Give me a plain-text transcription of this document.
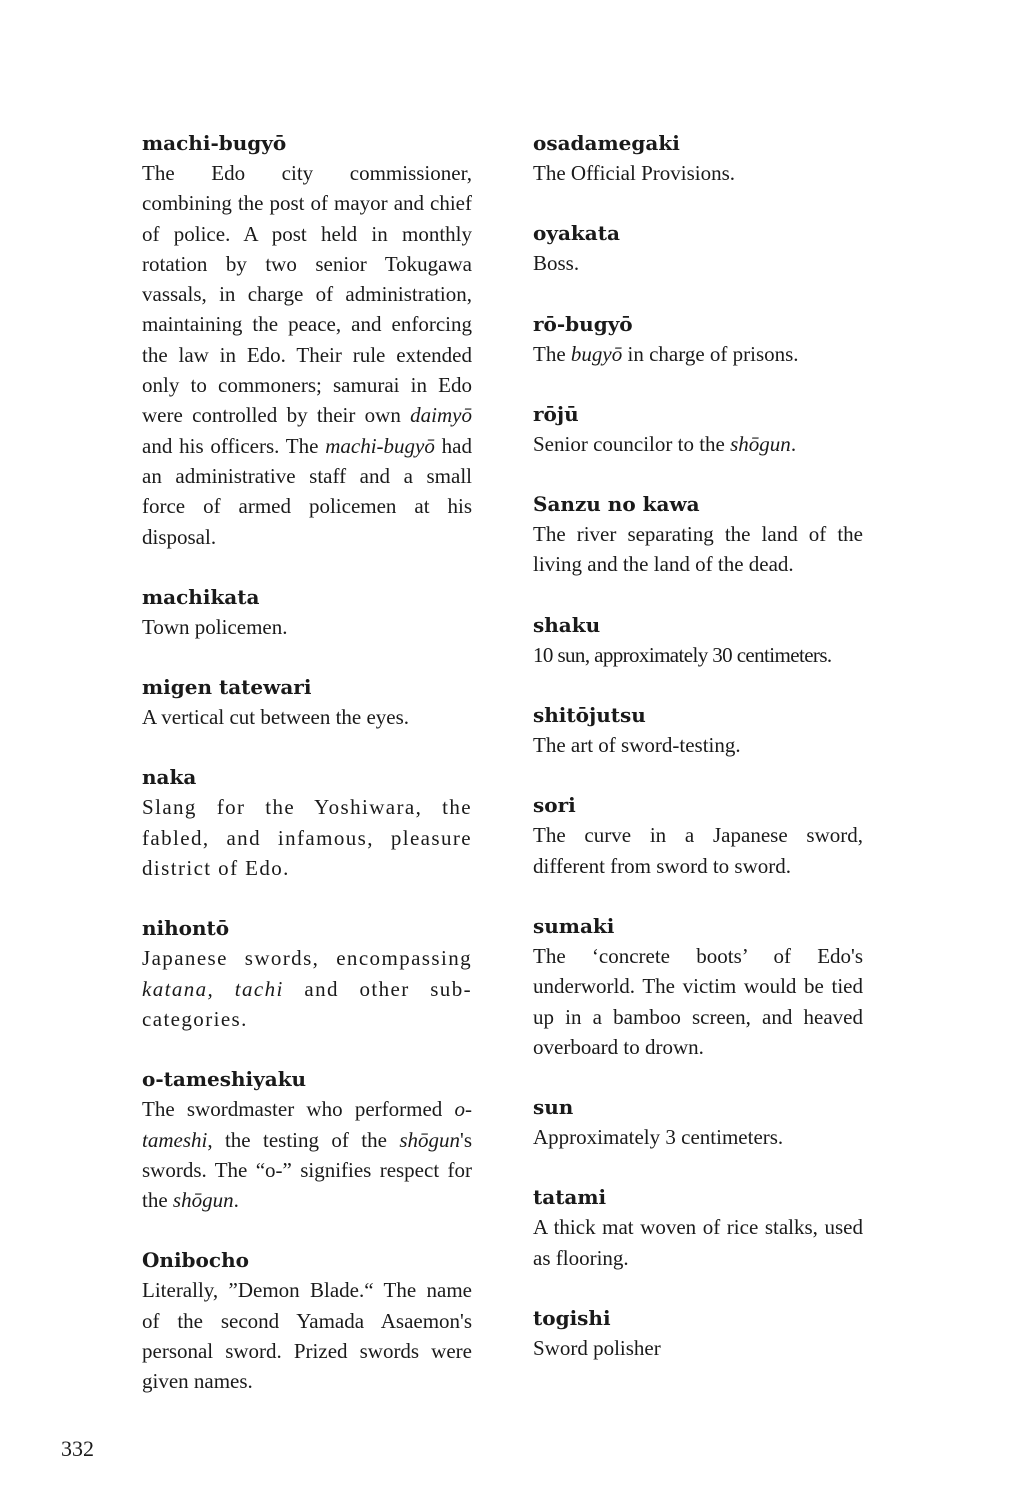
machi-bugyō
The Edo city commissioner, combining the post of mayor and chief of police. A post held in monthly rotation by two senior Tokugawa vassals, in charge of administration, maintaining the peace, and enforcing the law in Edo. Their rule extended only to commoners; samurai in Edo were controlled by their own daimyō and his officers. The machi-bugyō had an administrative staff and a small force of armed policemen at his disposal.
machikata
Town policemen.
migen tatewari
A vertical cut between the eyes.
naka
Slang for the Yoshiwara, the fabled, and infamous, pleasure district of Edo.
nihontō
Japanese swords, encompassing katana, tachi and other sub-categories.
o-tameshiyaku
The swordmaster who performed o-tameshi, the testing of the shōgun's swords. The “o-” signifies respect for the shōgun.
Onibocho
Literally, ”Demon Blade.“ The name of the second Yamada Asaemon's personal sword. Prized swords were given names.
osadamegaki
The Official Provisions.
oyakata
Boss.
rō-bugyō
The bugyō in charge of prisons.
rōjū
Senior councilor to the shōgun.
Sanzu no kawa
The river separating the land of the living and the land of the dead.
shaku
10 sun, approximately 30 centimeters.
shitōjutsu
The art of sword-testing.
sori
The curve in a Japanese sword, different from sword to sword.
sumaki
The ‘concrete boots’ of Edo's underworld. The victim would be tied up in a bamboo screen, and heaved overboard to drown.
sun
Approximately 3 centimeters.
tatami
A thick mat woven of rice stalks, used as flooring.
togishi
Sword polisher
332
